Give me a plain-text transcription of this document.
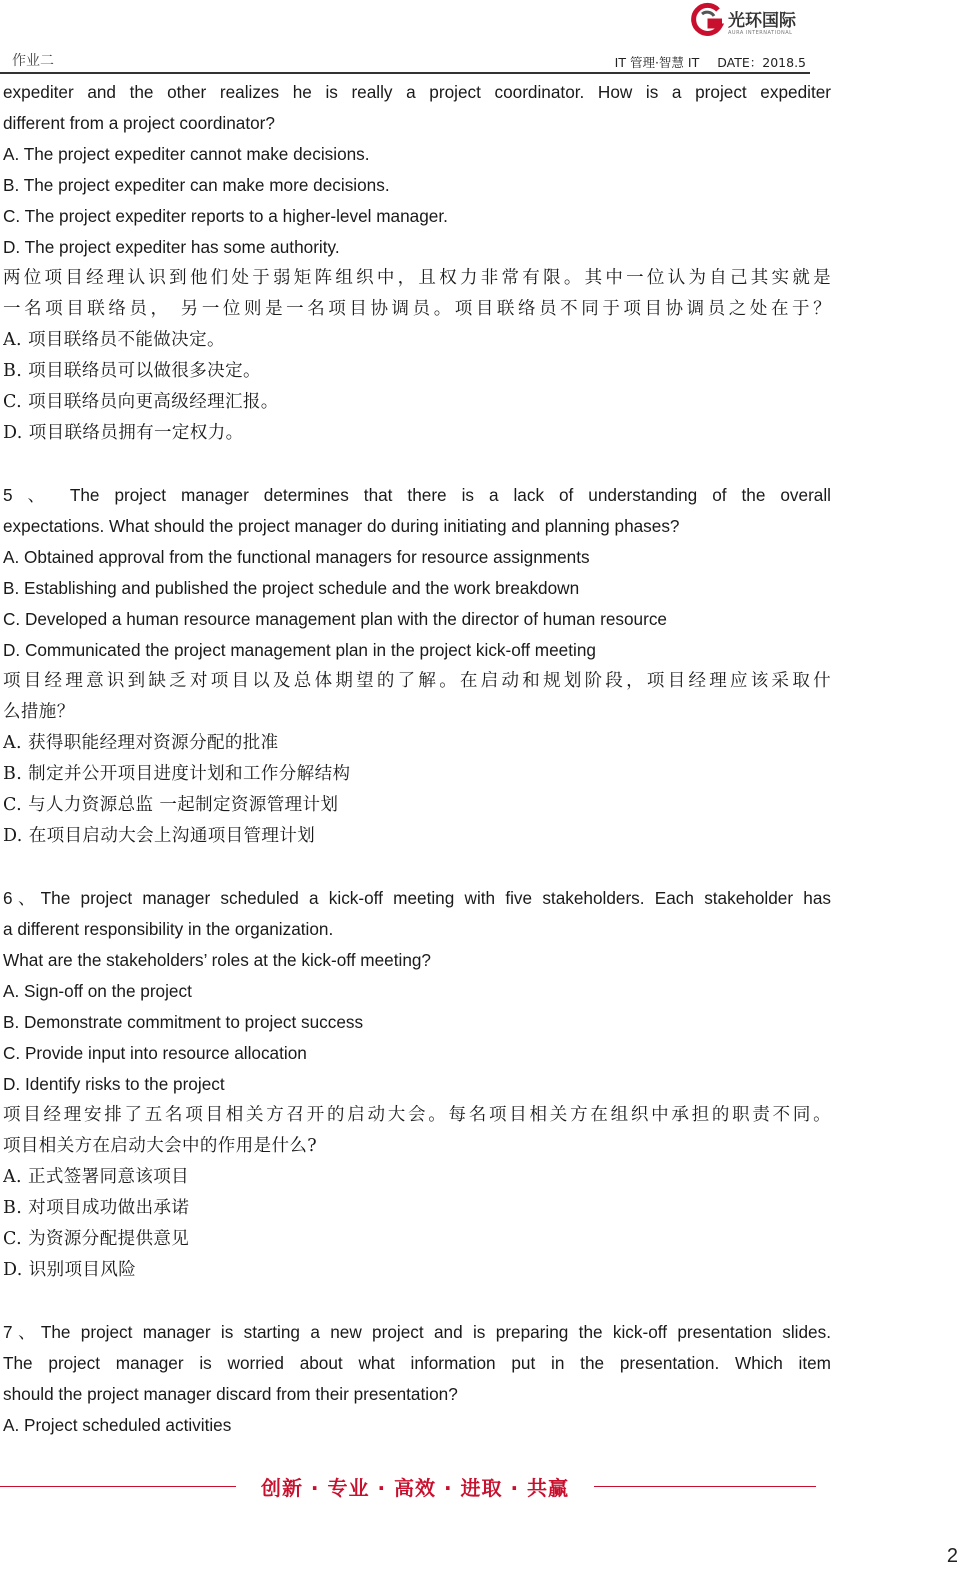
光环国际
AURA INTERNATIONAL
作业二	IT 管理·智慧 IT DATE：2018.5
expediter and the other realizes he is really a project coordinator. How is a project expediter
different from a project coordinator?
A. The project expediter cannot make decisions.
B. The project expediter can make more decisions.
C. The project expediter reports to a higher-level manager.
D. The project expediter has some authority.
两位项目经理认识到他们处于弱矩阵组织中，且权力非常有限。其中一位认为自己其实就是
一名项目联络员， 另一位则是一名项目协调员。项目联络员不同于项目协调员之处在于？
A. 项目联络员不能做决定。
B. 项目联络员可以做很多决定。
C. 项目联络员向更高级经理汇报。
D. 项目联络员拥有一定权力。
5 、 The project manager determines that there is a lack of understanding of the overall
expectations. What should the project manager do during initiating and planning phases?
A. Obtained approval from the functional managers for resource assignments
B. Establishing and published the project schedule and the work breakdown
C. Developed a human resource management plan with the director of human resource
D. Communicated the project management plan in the project kick-off meeting
项目经理意识到缺乏对项目以及总体期望的了解。在启动和规划阶段，项目经理应该采取什
么措施？
A. 获得职能经理对资源分配的批准
B. 制定并公开项目进度计划和工作分解结构
C. 与人力资源总监 一起制定资源管理计划
D. 在项目启动大会上沟通项目管理计划
6、The project manager scheduled a kick-off meeting with five stakeholders. Each stakeholder has
a different responsibility in the organization.
What are the stakeholders’ roles at the kick-off meeting?
A. Sign-off on the project
B. Demonstrate commitment to project success
C. Provide input into resource allocation
D. Identify risks to the project
项目经理安排了五名项目相关方召开的启动大会。每名项目相关方在组织中承担的职责不同。
项目相关方在启动大会中的作用是什么?
A. 正式签署同意该项目
B. 对项目成功做出承诺
C. 为资源分配提供意见
D. 识别项目风险
7、The project manager is starting a new project and is preparing the kick-off presentation slides.
The project manager is worried about what information put in the presentation. Which item
should the project manager discard from their presentation?
A. Project scheduled activities
创新 · 专业 · 高效 · 进取 · 共赢
2
